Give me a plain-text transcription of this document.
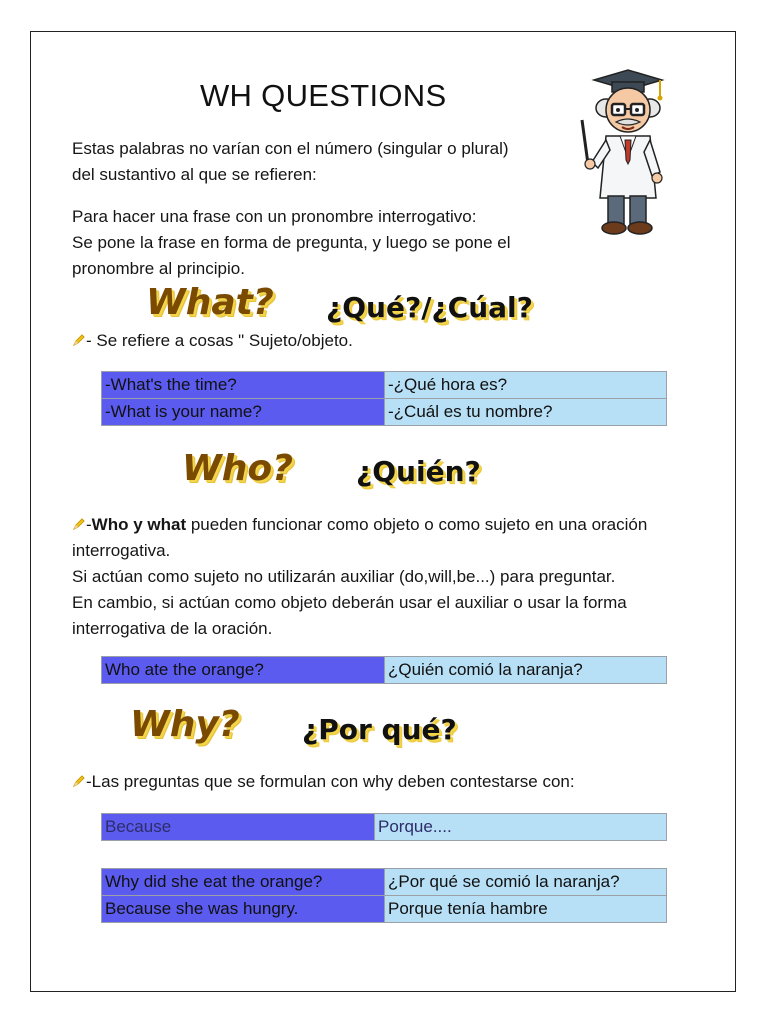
WH QUESTIONS

Estas palabras no varían con el número (singular o plural)

del sustantivo al que se refieren:

Para hacer una frase con un pronombre interrogativo:

Se pone la frase en forma de pregunta, y luego se pone el

pronombre al principio.

What? ¿Qué?/¿Cúal?
- Se refiere a cosas " Sujeto/objeto.
-What's the time?	-¿Qué hora es?
-What is your name?	-¿Cuál es tu nombre?
Who? ¿Quién?
-Who y what pueden funcionar como objeto o como sujeto en una oración
interrogativa.
Si actúan como sujeto no utilizarán auxiliar (do,will,be...) para preguntar.
En cambio, si actúan como objeto deberán usar el auxiliar o usar la forma
interrogativa de la oración.
Who ate the orange?	¿Quién comió la naranja?
Why? ¿Por qué?
-Las preguntas que se formulan con why deben contestarse con:
Because	Porque....
Why did she eat the orange?	¿Por qué se comió la naranja?
Because she was hungry.	Porque tenía hambre
